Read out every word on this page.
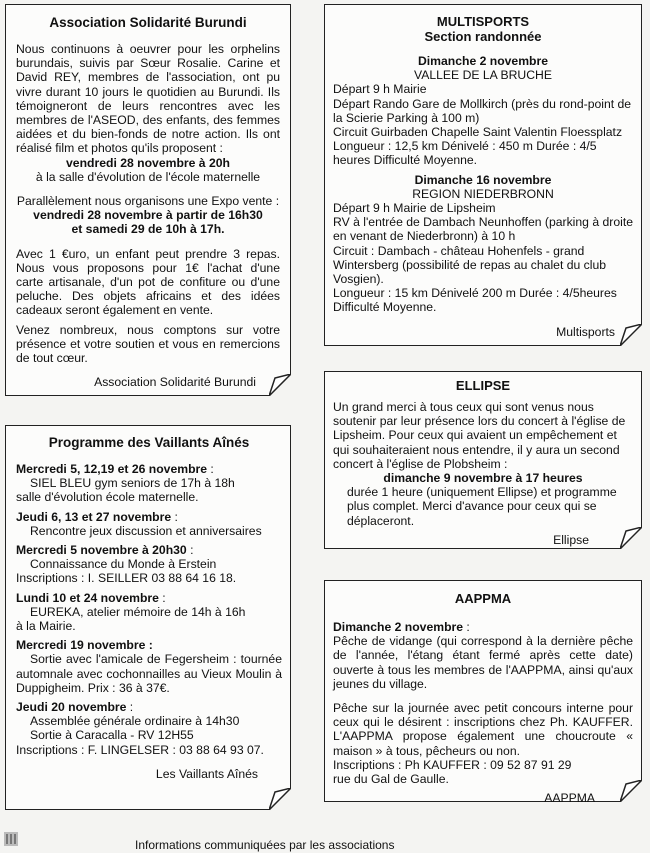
Association Solidarité Burundi

Nous continuons à oeuvrer pour les orphelins burundais, suivis par Sœur Rosalie. Carine et David REY, membres de l'association, ont pu vivre durant 10 jours le quotidien au Burundi. Ils témoigneront de leurs rencontres avec les membres de l'ASEOD, des enfants, des femmes aidées et du bien-fonds de notre action. Ils ont réalisé film et photos qu'ils proposent :

vendredi 28 novembre à 20h

à la salle d'évolution de l'école maternelle

Parallèlement nous organisons une Expo vente :

vendredi 28 novembre à partir de 16h30

et samedi 29 de 10h à 17h.

Avec 1 €uro, un enfant peut prendre 3 repas. Nous vous proposons pour 1€ l'achat d'une carte artisanale, d'un pot de confiture ou d'une peluche. Des objets africains et des idées cadeaux seront également en vente.

Venez nombreux, nous comptons sur votre présence et votre soutien et vous en remercions de tout cœur.

Association Solidarité Burundi

Programme des Vaillants Aînés

Mercredi 5, 12,19 et 26 novembre :

SIEL BLEU gym seniors de 17h à 18h

salle d'évolution école maternelle.

Jeudi 6, 13 et 27 novembre :

Rencontre jeux discussion et anniversaires

Mercredi 5 novembre à 20h30 :

Connaissance du Monde à Erstein

Inscriptions : I. SEILLER 03 88 64 16 18.

Lundi 10 et 24 novembre :

EUREKA, atelier mémoire de 14h à 16h

à la Mairie.

Mercredi 19 novembre :

Sortie avec l'amicale de Fegersheim : tournée automnale avec cochonnailles au Vieux Moulin à Duppigheim. Prix : 36 à 37€.

Jeudi 20 novembre :

Assemblée générale ordinaire à 14h30

Sortie à Caracalla - RV 12H55

Inscriptions : F. LINGELSER : 03 88 64 93 07.

Les Vaillants Aînés

MULTISPORTS
Section randonnée

Dimanche 2 novembre

VALLEE DE LA BRUCHE

Départ 9 h Mairie

Départ Rando Gare de Mollkirch (près du rond-point de la Scierie Parking à 100 m)

Circuit Guirbaden Chapelle Saint Valentin Floessplatz

Longueur : 12,5 km Dénivelé : 450 m Durée : 4/5 heures Difficulté Moyenne.

Dimanche 16 novembre

REGION NIEDERBRONN

Départ 9 h Mairie de Lipsheim

RV à l'entrée de Dambach Neunhoffen (parking à droite en venant de Niederbronn) à 10 h

Circuit : Dambach - château Hohenfels - grand Wintersberg (possibilité de repas au chalet du club Vosgien).

Longueur : 15 km Dénivelé 200 m Durée : 4/5heures Difficulté Moyenne.

Multisports

ELLIPSE

Un grand merci à tous ceux qui sont venus nous soutenir par leur présence lors du concert à l'église de Lipsheim. Pour ceux qui avaient un empêchement et qui souhaiteraient nous entendre, il y aura un second concert à l'église de Plobsheim :

dimanche 9 novembre à 17 heures

durée 1 heure (uniquement Ellipse) et programme plus complet. Merci d'avance pour ceux qui se déplaceront.

Ellipse

AAPPMA

Dimanche 2 novembre :

Pêche de vidange (qui correspond à la dernière pêche de l'année, l'étang étant fermé après cette date) ouverte à tous les membres de l'AAPPMA, ainsi qu'aux jeunes du village.

Pêche sur la journée avec petit concours interne pour ceux qui le désirent : inscriptions chez Ph. KAUFFER. L'AAPPMA propose également une choucroute « maison » à tous, pêcheurs ou non.

Inscriptions : Ph KAUFFER : 09 52 87 91 29

rue du Gal de Gaulle.

AAPPMA

Informations communiquées par les associations
